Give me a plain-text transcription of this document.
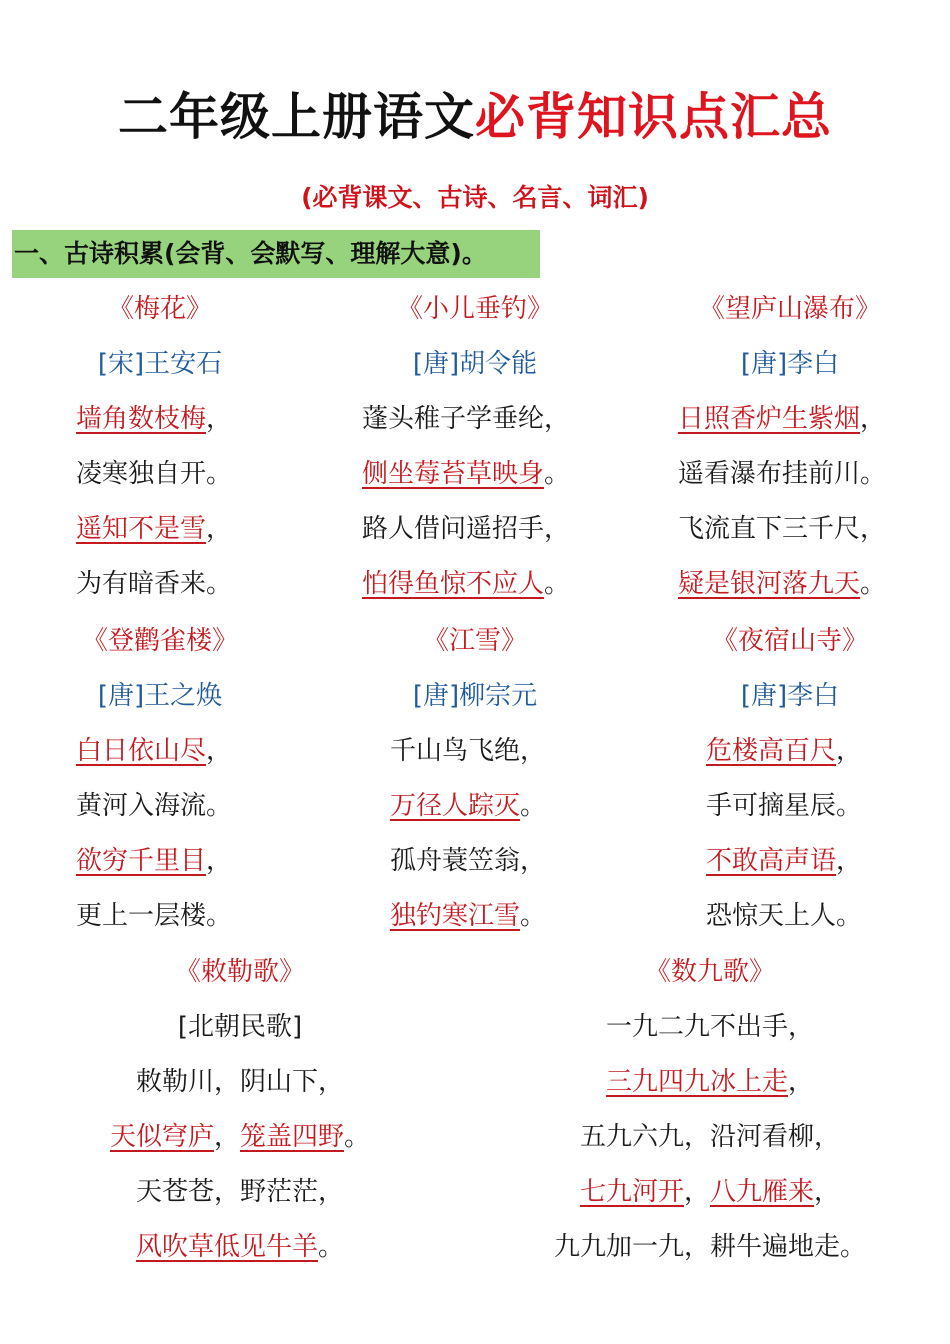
二年级上册语文必背知识点汇总
(必背课文、古诗、名言、词汇)
一、古诗积累(会背、会默写、理解大意)。
《梅花》
[宋]王安石
墙角数枝梅，
凌寒独自开。
遥知不是雪，
为有暗香来。
《小儿垂钓》
[唐]胡令能
蓬头稚子学垂纶，
侧坐莓苔草映身。
路人借问遥招手，
怕得鱼惊不应人。
《望庐山瀑布》
[唐]李白
日照香炉生紫烟，
遥看瀑布挂前川。
飞流直下三千尺，
疑是银河落九天。
《登鹳雀楼》
[唐]王之焕
白日依山尽，
黄河入海流。
欲穷千里目，
更上一层楼。
《江雪》
[唐]柳宗元
千山鸟飞绝，
万径人踪灭。
孤舟蓑笠翁，
独钓寒江雪。
《夜宿山寺》
[唐]李白
危楼高百尺，
手可摘星辰。
不敢高声语，
恐惊天上人。
《敕勒歌》
[北朝民歌]
敕勒川，阴山下，
天似穹庐，笼盖四野。
天苍苍，野茫茫，
风吹草低见牛羊。
《数九歌》
一九二九不出手，
三九四九冰上走，
五九六九，沿河看柳，
七九河开，八九雁来，
九九加一九，耕牛遍地走。
